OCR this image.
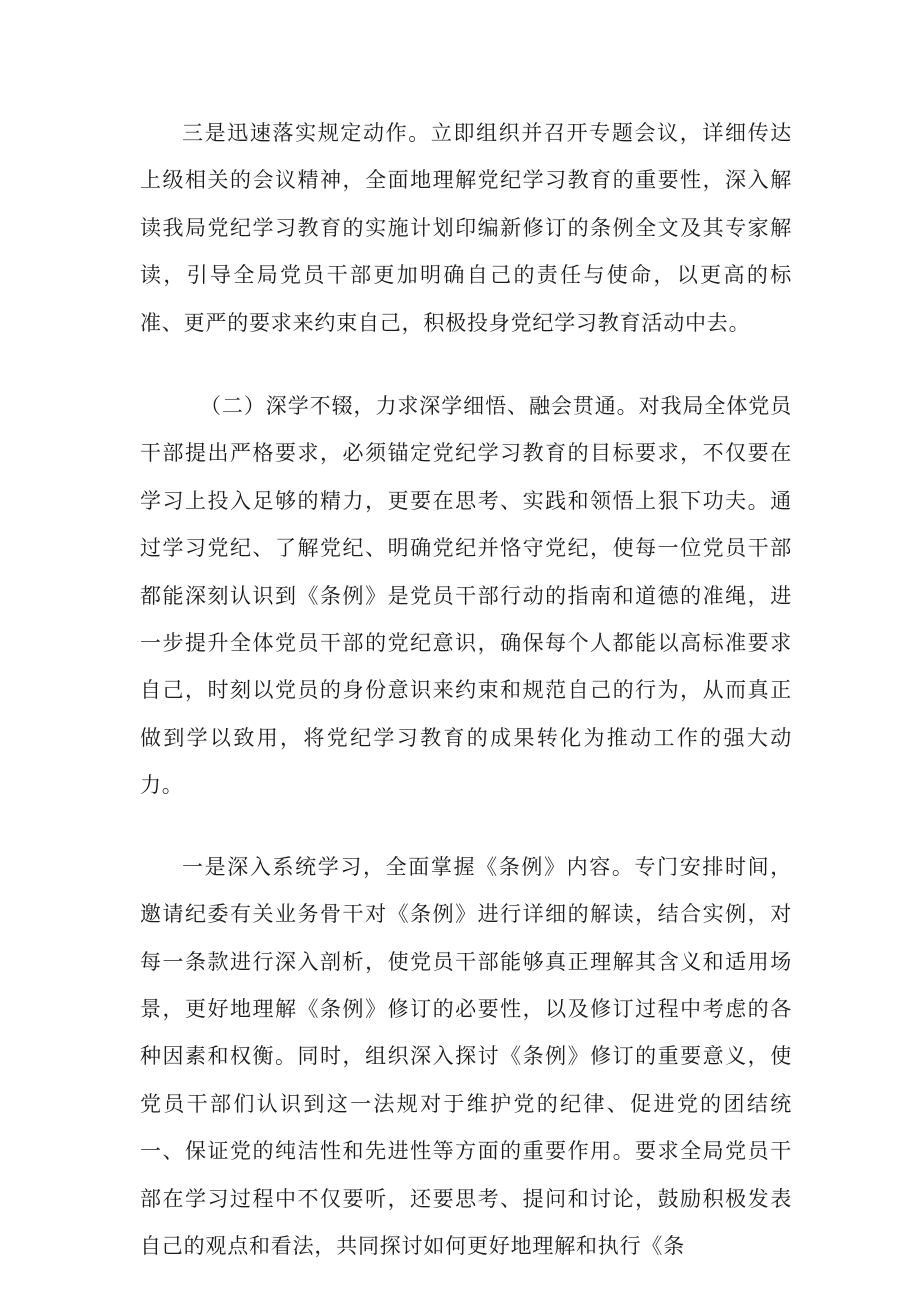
三是迅速落实规定动作。立即组织并召开专题会议，详细传达上级相关的会议精神，全面地理解党纪学习教育的重要性，深入解读我局党纪学习教育的实施计划印编新修订的条例全文及其专家解读，引导全局党员干部更加明确自己的责任与使命，以更高的标准、更严的要求来约束自己，积极投身党纪学习教育活动中去。

（二）深学不辍，力求深学细悟、融会贯通。对我局全体党员干部提出严格要求，必须锚定党纪学习教育的目标要求，不仅要在学习上投入足够的精力，更要在思考、实践和领悟上狠下功夫。通过学习党纪、了解党纪、明确党纪并恪守党纪，使每一位党员干部都能深刻认识到《条例》是党员干部行动的指南和道德的准绳，进一步提升全体党员干部的党纪意识，确保每个人都能以高标准要求自己，时刻以党员的身份意识来约束和规范自己的行为，从而真正做到学以致用，将党纪学习教育的成果转化为推动工作的强大动力。

一是深入系统学习，全面掌握《条例》内容。专门安排时间，邀请纪委有关业务骨干对《条例》进行详细的解读，结合实例，对每一条款进行深入剖析，使党员干部能够真正理解其含义和适用场景，更好地理解《条例》修订的必要性，以及修订过程中考虑的各种因素和权衡。同时，组织深入探讨《条例》修订的重要意义，使党员干部们认识到这一法规对于维护党的纪律、促进党的团结统一、保证党的纯洁性和先进性等方面的重要作用。要求全局党员干部在学习过程中不仅要听，还要思考、提问和讨论，鼓励积极发表自己的观点和看法，共同探讨如何更好地理解和执行《条
